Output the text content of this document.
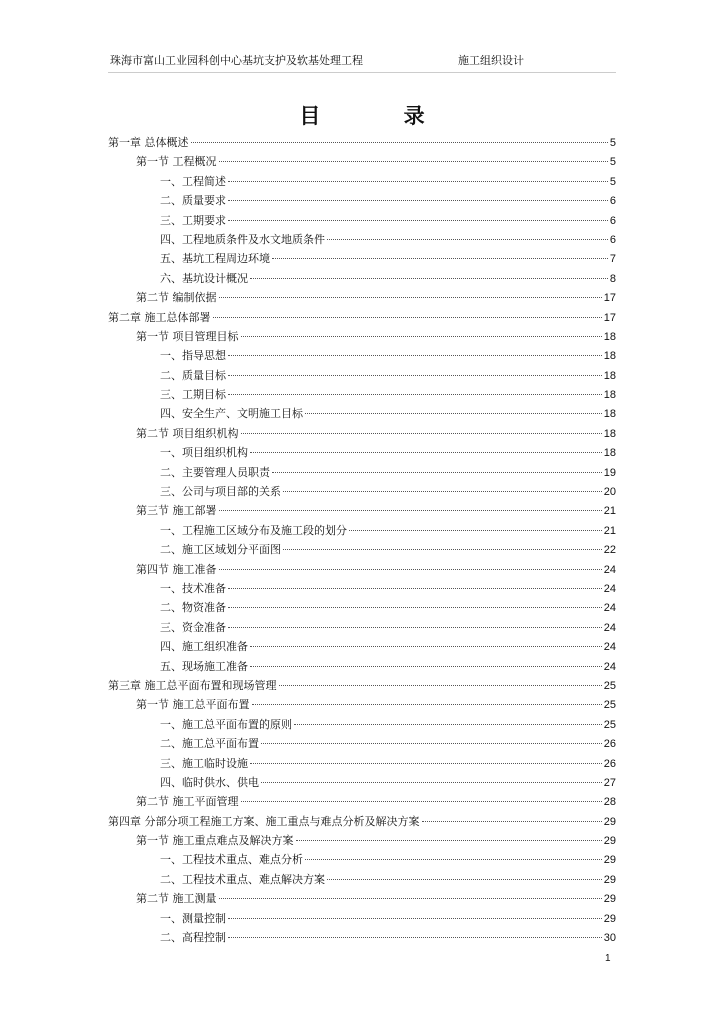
珠海市富山工业园科创中心基坑支护及软基处理工程	施工组织设计
目 录
第一章 总体概述	5
第一节 工程概况	5
一、工程简述	5
二、质量要求	6
三、工期要求	6
四、工程地质条件及水文地质条件	6
五、基坑工程周边环境	7
六、基坑设计概况	8
第二节 编制依据	17
第二章 施工总体部署	17
第一节 项目管理目标	18
一、指导思想	18
二、质量目标	18
三、工期目标	18
四、安全生产、文明施工目标	18
第二节 项目组织机构	18
一、项目组织机构	18
二、主要管理人员职责	19
三、公司与项目部的关系	20
第三节 施工部署	21
一、工程施工区域分布及施工段的划分	21
二、施工区域划分平面图	22
第四节 施工准备	24
一、技术准备	24
二、物资准备	24
三、资金准备	24
四、施工组织准备	24
五、现场施工准备	24
第三章 施工总平面布置和现场管理	25
第一节 施工总平面布置	25
一、施工总平面布置的原则	25
二、施工总平面布置	26
三、施工临时设施	26
四、临时供水、供电	27
第二节 施工平面管理	28
第四章 分部分项工程施工方案、施工重点与难点分析及解决方案	29
第一节 施工重点难点及解决方案	29
一、工程技术重点、难点分析	29
二、工程技术重点、难点解决方案	29
第二节 施工测量	29
一、测量控制	29
二、高程控制	30
1
